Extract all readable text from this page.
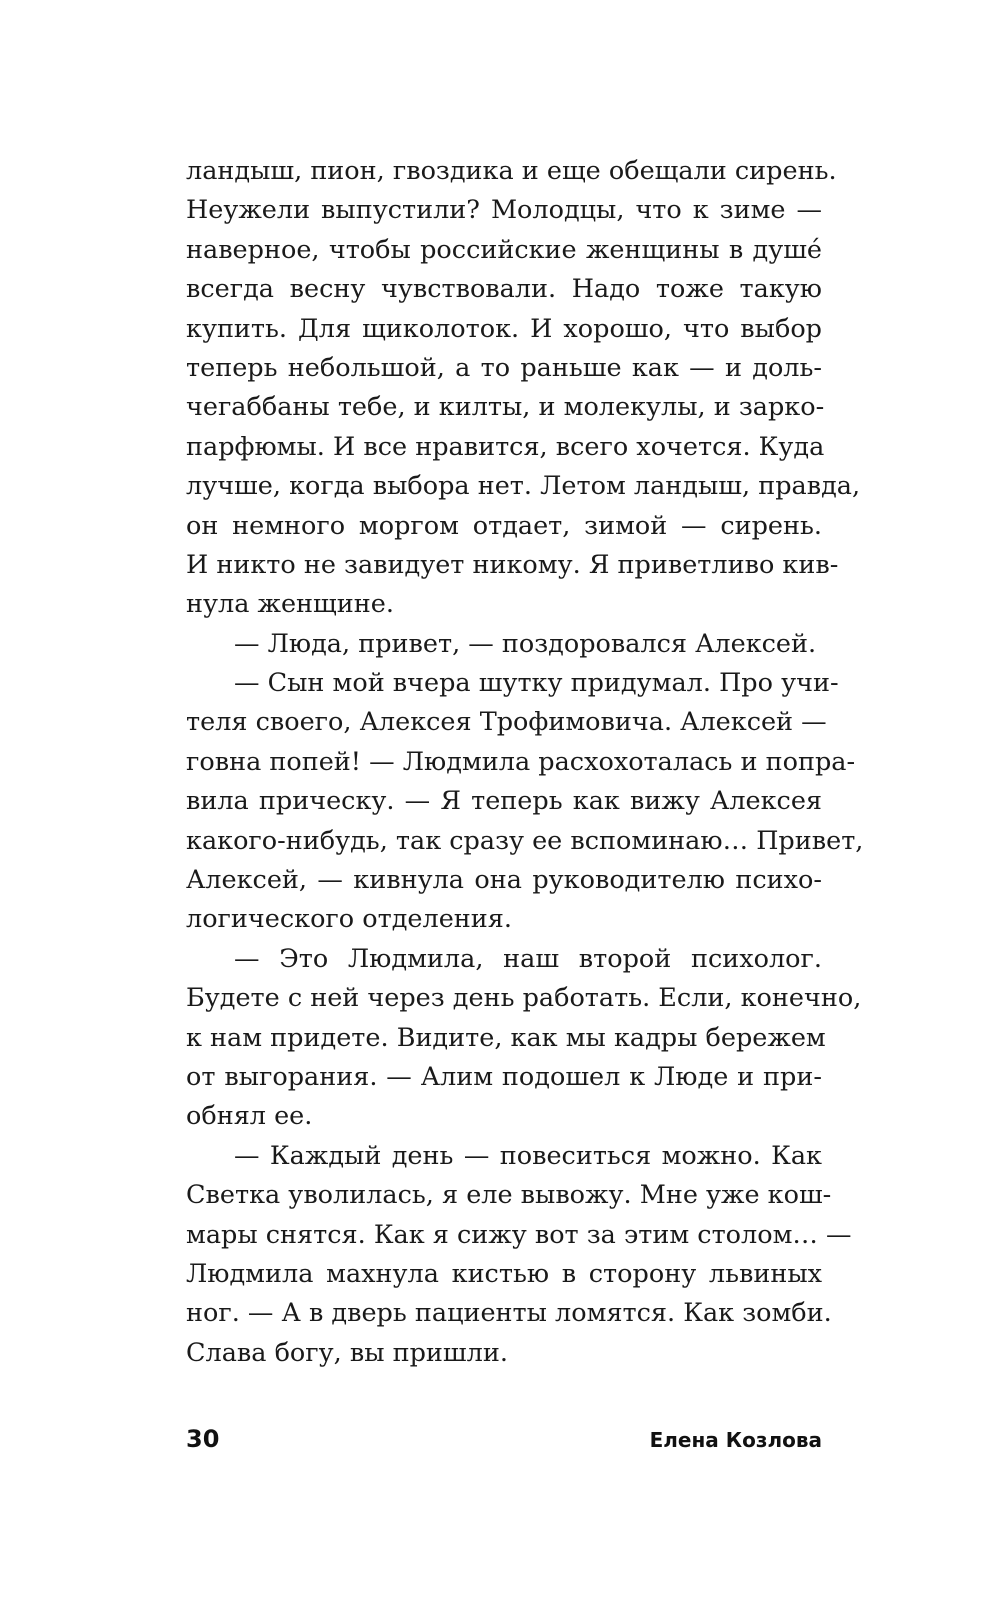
ландыш, пион, гвоздика и еще обещали сирень.
Неужели выпустили? Молодцы, что к зиме —
наверное, чтобы российские женщины в душé
всегда весну чувствовали. Надо тоже такую
купить. Для щиколоток. И хорошо, что выбор
теперь небольшой, а то раньше как — и доль-
чегаббаны тебе, и килты, и молекулы, и зарко-
парфюмы. И все нравится, всего хочется. Куда
лучше, когда выбора нет. Летом ландыш, правда,
он немного моргом отдает, зимой — сирень.
И никто не завидует никому. Я приветливо кив-
нула женщине.
— Люда, привет, — поздоровался Алексей.
— Сын мой вчера шутку придумал. Про учи-
теля своего, Алексея Трофимовича. Алексей —
говна попей! — Людмила расхохоталась и попра-
вила прическу. — Я теперь как вижу Алексея
какого-нибудь, так сразу ее вспоминаю… Привет,
Алексей, — кивнула она руководителю психо-
логического отделения.
— Это Людмила, наш второй психолог.
Будете с ней через день работать. Если, конечно,
к нам придете. Видите, как мы кадры бережем
от выгорания. — Алим подошел к Люде и при-
обнял ее.
— Каждый день — повеситься можно. Как
Светка уволилась, я еле вывожу. Мне уже кош-
мары снятся. Как я сижу вот за этим столом… —
Людмила махнула кистью в сторону львиных
ног. — А в дверь пациенты ломятся. Как зомби.
Слава богу, вы пришли.
30	Елена Козлова
